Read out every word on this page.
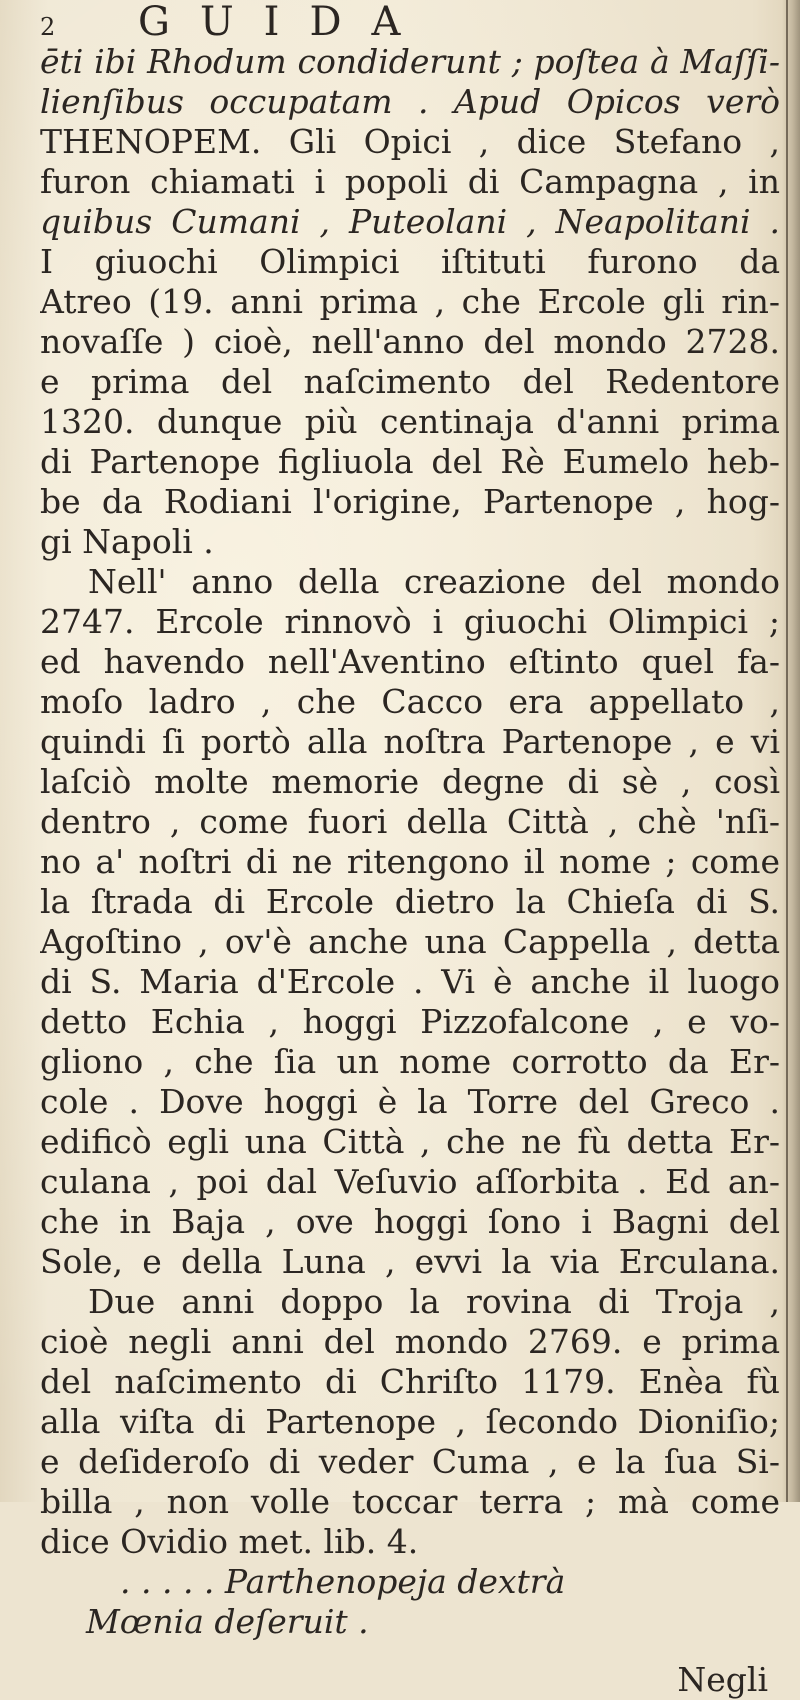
2	GUIDA
ēti ibi Rhodum condiderunt ; poſtea à Maſſi-
lienſibus occupatam . Apud Opicos verò
THENOPEM. Gli Opici , dice Stefano ,
furon chiamati i popoli di Campagna , in
quibus Cumani , Puteolani , Neapolitani .
I giuochi Olimpici iſtituti furono da
Atreo (19. anni prima , che Ercole gli rin-
novaſſe ) cioè, nell'anno del mondo 2728.
e prima del naſcimento del Redentore
1320. dunque più centinaja d'anni prima
di Partenope figliuola del Rè Eumelo heb-
be da Rodiani l'origine, Partenope , hog-
gi Napoli .
Nell' anno della creazione del mondo
2747. Ercole rinnovò i giuochi Olimpici ;
ed havendo nell'Aventino eſtinto quel fa-
moſo ladro , che Cacco era appellato ,
quindi ſi portò alla noſtra Partenope , e vi
laſciò molte memorie degne di sè , così
dentro , come fuori della Città , chè 'nſi-
no a' noſtri di ne ritengono il nome ; come
la ſtrada di Ercole dietro la Chieſa di S.
Agoſtino , ov'è anche una Cappella , detta
di S. Maria d'Ercole . Vi è anche il luogo
detto Echia , hoggi Pizzofalcone , e vo-
gliono , che ſia un nome corrotto da Er-
cole . Dove hoggi è la Torre del Greco .
edificò egli una Città , che ne fù detta Er-
culana , poi dal Veſuvio aſſorbita . Ed an-
che in Baja , ove hoggi ſono i Bagni del
Sole, e della Luna , evvi la via Erculana.
Due anni doppo la rovina di Troja ,
cioè negli anni del mondo 2769. e prima
del naſcimento di Chriſto 1179. Enèa fù
alla viſta di Partenope , ſecondo Dioniſio;
e deſideroſo di veder Cuma , e la ſua Si-
billa , non volle toccar terra ; mà come
dice Ovidio met. lib. 4.
. . . . . Parthenopeja dextrà
Mœnia deſeruit .
Negli
